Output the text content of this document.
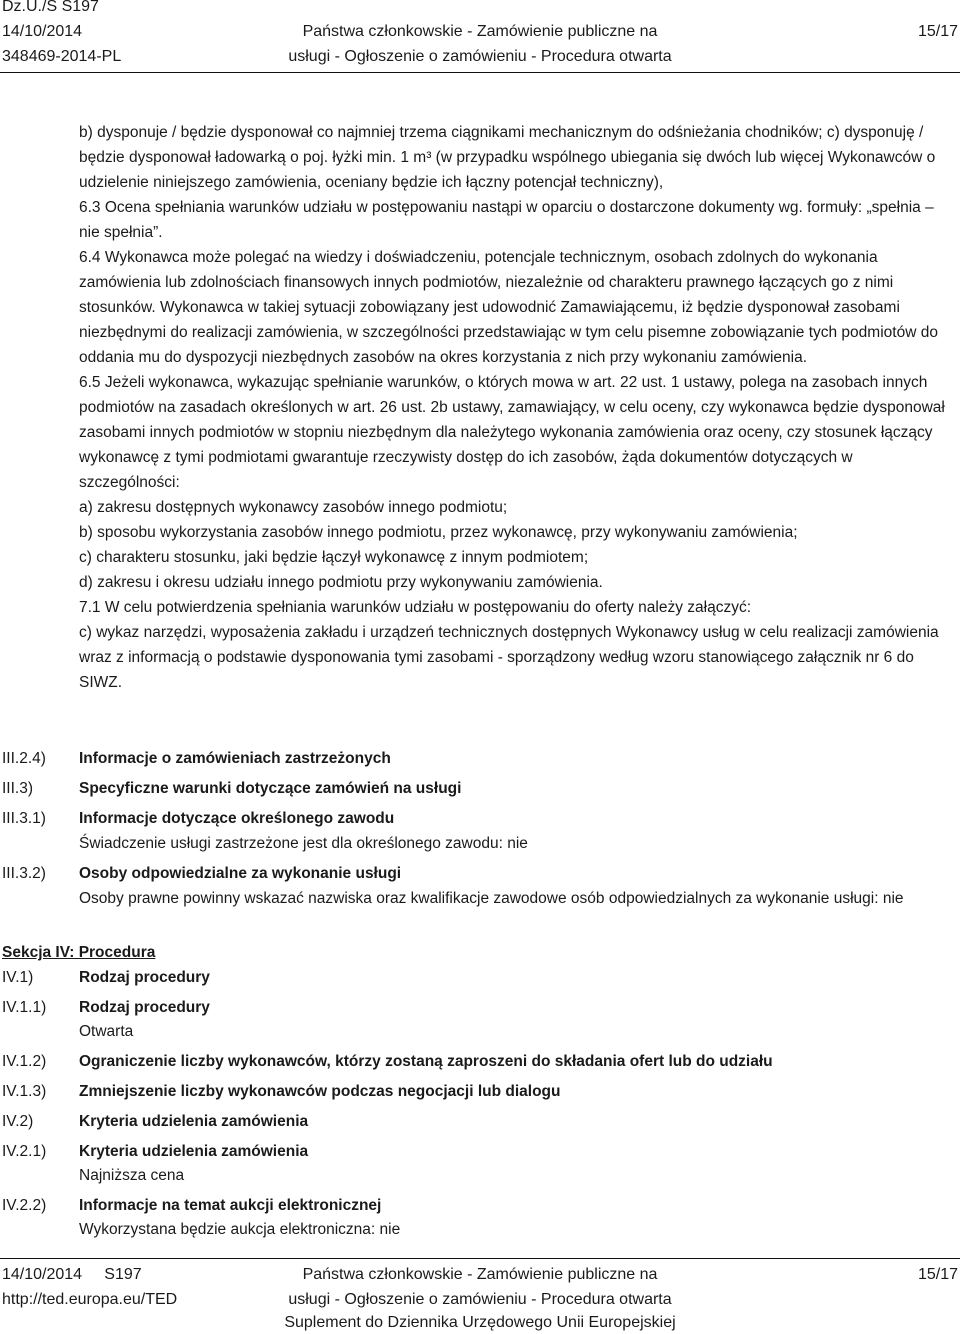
Dz.U./S S197
14/10/2014
348469-2014-PL
Państwa członkowskie - Zamówienie publiczne na
usługi - Ogłoszenie o zamówieniu - Procedura otwarta
15/17

b) dysponuje / będzie dysponował co najmniej trzema ciągnikami mechanicznym do odśnieżania chodników; c) dysponuję / będzie dysponował ładowarką o poj. łyżki min. 1 m³ (w przypadku wspólnego ubiegania się dwóch lub więcej Wykonawców o udzielenie niniejszego zamówienia, oceniany będzie ich łączny potencjał techniczny),

6.3 Ocena spełniania warunków udziału w postępowaniu nastąpi w oparciu o dostarczone dokumenty wg. formuły: „spełnia – nie spełnia”.

6.4 Wykonawca może polegać na wiedzy i doświadczeniu, potencjale technicznym, osobach zdolnych do wykonania zamówienia lub zdolnościach finansowych innych podmiotów, niezależnie od charakteru prawnego łączących go z nimi stosunków. Wykonawca w takiej sytuacji zobowiązany jest udowodnić Zamawiającemu, iż będzie dysponował zasobami niezbędnymi do realizacji zamówienia, w szczególności przedstawiając w tym celu pisemne zobowiązanie tych podmiotów do oddania mu do dyspozycji niezbędnych zasobów na okres korzystania z nich przy wykonaniu zamówienia.

6.5 Jeżeli wykonawca, wykazując spełnianie warunków, o których mowa w art. 22 ust. 1 ustawy, polega na zasobach innych podmiotów na zasadach określonych w art. 26 ust. 2b ustawy, zamawiający, w celu oceny, czy wykonawca będzie dysponował zasobami innych podmiotów w stopniu niezbędnym dla należytego wykonania zamówienia oraz oceny, czy stosunek łączący wykonawcę z tymi podmiotami gwarantuje rzeczywisty dostęp do ich zasobów, żąda dokumentów dotyczących w szczególności:

a) zakresu dostępnych wykonawcy zasobów innego podmiotu;

b) sposobu wykorzystania zasobów innego podmiotu, przez wykonawcę, przy wykonywaniu zamówienia;

c) charakteru stosunku, jaki będzie łączył wykonawcę z innym podmiotem;

d) zakresu i okresu udziału innego podmiotu przy wykonywaniu zamówienia.

7.1 W celu potwierdzenia spełniania warunków udziału w postępowaniu do oferty należy załączyć:

c) wykaz narzędzi, wyposażenia zakładu i urządzeń technicznych dostępnych Wykonawcy usług w celu realizacji zamówienia wraz z informacją o podstawie dysponowania tymi zasobami - sporządzony według wzoru stanowiącego załącznik nr 6 do SIWZ.

III.2.4)	Informacje o zamówieniach zastrzeżonych
III.3)	Specyficzne warunki dotyczące zamówień na usługi
III.3.1)	Informacje dotyczące określonego zawodu
Świadczenie usługi zastrzeżone jest dla określonego zawodu: nie
III.3.2)	Osoby odpowiedzialne za wykonanie usługi
Osoby prawne powinny wskazać nazwiska oraz kwalifikacje zawodowe osób odpowiedzialnych za wykonanie usługi: nie
Sekcja IV: Procedura
IV.1)	Rodzaj procedury
IV.1.1)	Rodzaj procedury
Otwarta
IV.1.2)	Ograniczenie liczby wykonawców, którzy zostaną zaproszeni do składania ofert lub do udziału
IV.1.3)	Zmniejszenie liczby wykonawców podczas negocjacji lub dialogu
IV.2)	Kryteria udzielenia zamówienia
IV.2.1)	Kryteria udzielenia zamówienia
Najniższa cena
IV.2.2)	Informacje na temat aukcji elektronicznej
Wykorzystana będzie aukcja elektroniczna: nie
14/10/2014     S197
http://ted.europa.eu/TED
Państwa członkowskie - Zamówienie publiczne na
usługi - Ogłoszenie o zamówieniu - Procedura otwarta
Suplement do Dziennika Urzędowego Unii Europejskiej
15/17
